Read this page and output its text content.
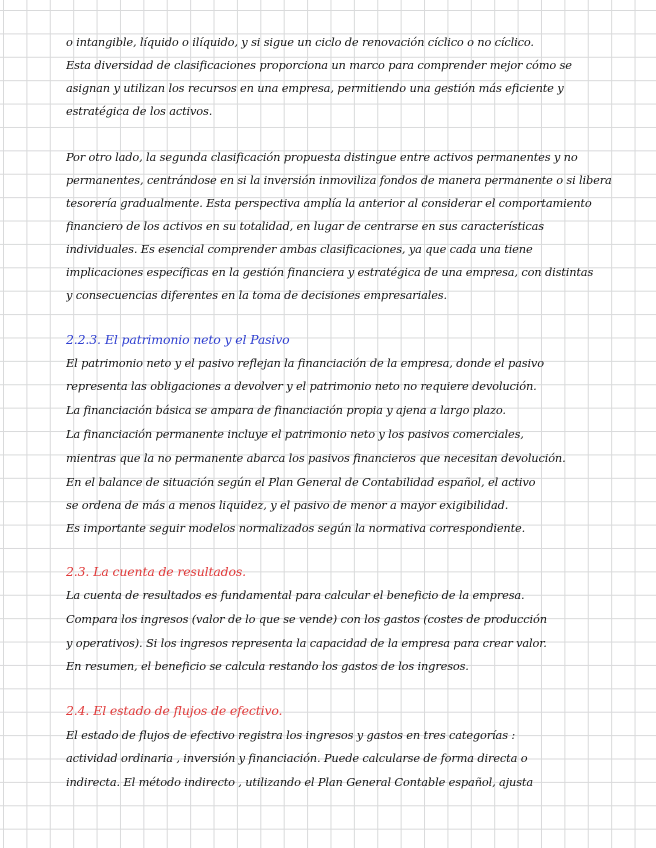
o intangible, líquido o ilíquido, y si sigue un ciclo de renovación cíclico o no cíclico.
Esta diversidad de clasificaciones proporciona un marco para comprender mejor cómo se
asignan y utilizan los recursos en una empresa, permitiendo una gestión más eficiente y
estratégica de los activos.
Por otro lado, la segunda clasificación propuesta distingue entre activos permanentes y no
permanentes, centrándose en si la inversión inmoviliza fondos de manera permanente o si libera
tesorería gradualmente. Esta perspectiva amplía la anterior al considerar el comportamiento
financiero de los activos en su totalidad, en lugar de centrarse en sus características
individuales. Es esencial comprender ambas clasificaciones, ya que cada una tiene
implicaciones específicas en la gestión financiera y estratégica de una empresa, con distintas
y consecuencias diferentes en la toma de decisiones empresariales.
2.2.3. El patrimonio neto y el Pasivo
El patrimonio neto y el pasivo reflejan la financiación de la empresa, donde el pasivo
representa las obligaciones a devolver y el patrimonio neto no requiere devolución.
La financiación básica se ampara de financiación propia y ajena a largo plazo.
La financiación permanente incluye el patrimonio neto y los pasivos comerciales,
mientras que la no permanente abarca los pasivos financieros que necesitan devolución.
En el balance de situación según el Plan General de Contabilidad español, el activo
se ordena de más a menos liquidez, y el pasivo de menor a mayor exigibilidad.
Es importante seguir modelos normalizados según la normativa correspondiente.
2.3. La cuenta de resultados.
La cuenta de resultados es fundamental para calcular el beneficio de la empresa.
Compara los ingresos (valor de lo que se vende) con los gastos (costes de producción
y operativos). Si los ingresos representa la capacidad de la empresa para crear valor.
En resumen, el beneficio se calcula restando los gastos de los ingresos.
2.4. El estado de flujos de efectivo.
El estado de flujos de efectivo registra los ingresos y gastos en tres categorías :
actividad ordinaria , inversión y financiación. Puede calcularse de forma directa o
indirecta. El método indirecto , utilizando el Plan General Contable español, ajusta
